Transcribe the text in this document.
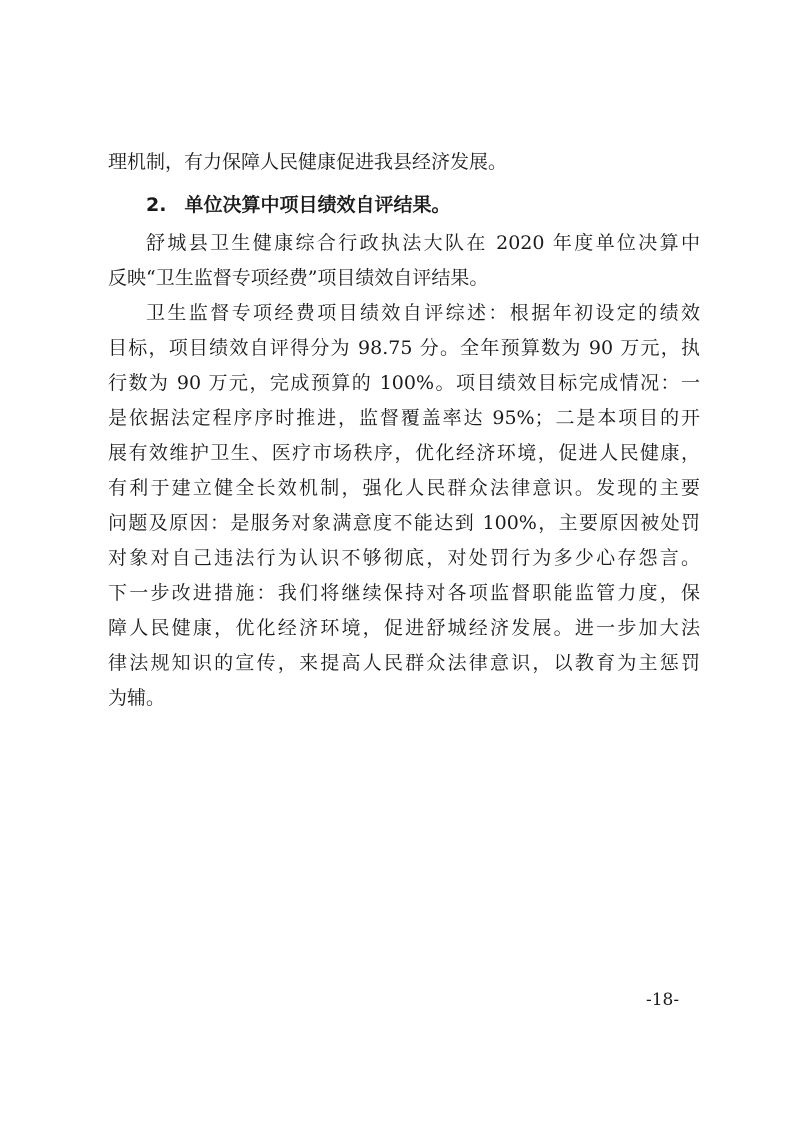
理机制，有力保障人民健康促进我县经济发展。
2. 单位决算中项目绩效自评结果。
舒城县卫生健康综合行政执法大队在 2020 年度单位决算中
反映“卫生监督专项经费”项目绩效自评结果。
卫生监督专项经费项目绩效自评综述：根据年初设定的绩效
目标，项目绩效自评得分为 98.75 分。全年预算数为 90 万元，执
行数为 90 万元，完成预算的 100%。项目绩效目标完成情况：一
是依据法定程序序时推进，监督覆盖率达 95%；二是本项目的开
展有效维护卫生、医疗市场秩序，优化经济环境，促进人民健康，
有利于建立健全长效机制，强化人民群众法律意识。发现的主要
问题及原因：是服务对象满意度不能达到 100%，主要原因被处罚
对象对自己违法行为认识不够彻底，对处罚行为多少心存怨言。
下一步改进措施：我们将继续保持对各项监督职能监管力度，保
障人民健康，优化经济环境，促进舒城经济发展。进一步加大法
律法规知识的宣传，来提高人民群众法律意识，以教育为主惩罚
为辅。
-18-
